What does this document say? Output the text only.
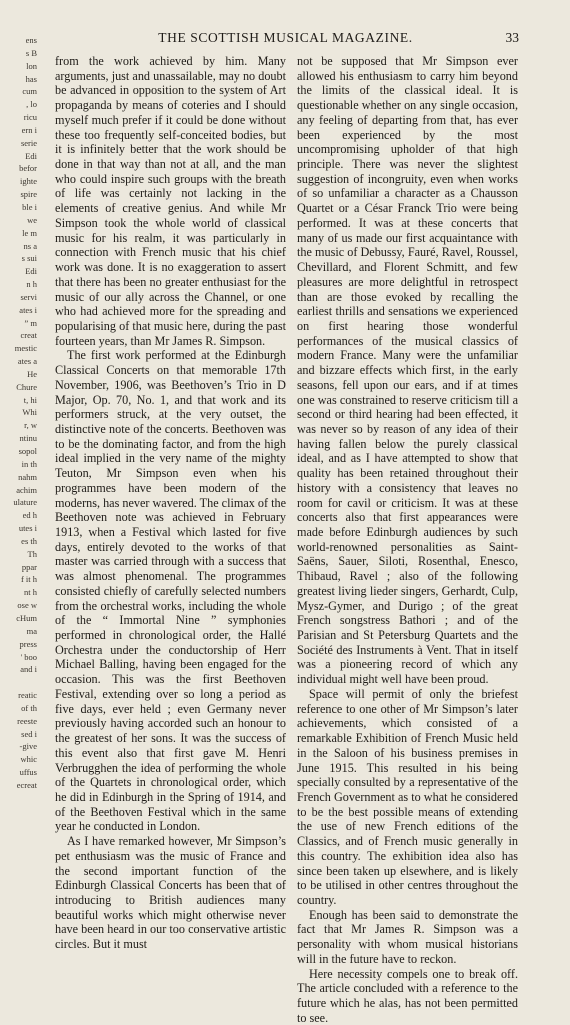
ens
s B
lon
has
cum
, lo
ricu
ern i
serie
Edi
befor
ighte
spire
ble i
we
le m
ns a
s sui
Edi
n h
servi
ates i
” m
creat
mestic
ates a
He
Chure
t, hi
Whi
r, w
ntinu
sopol
in th
nahm
achim
ulature
ed h
utes i
es th
Th
ppar
f it h
nt h
ose w
cHum
ma
press
' boo
and i
reatic
of th
reeste
sed i
-give
whic
uffus
ecreat
THE SCOTTISH MUSICAL MAGAZINE.	33

from the work achieved by him. Many arguments, just and unassailable, may no doubt be advanced in opposition to the system of Art propaganda by means of coteries and I should myself much prefer if it could be done without these too frequently self-conceited bodies, but it is infinitely better that the work should be done in that way than not at all, and the man who could inspire such groups with the breath of life was certainly not lacking in the elements of creative genius. And while Mr Simpson took the whole world of classical music for his realm, it was particularly in connection with French music that his chief work was done. It is no exaggeration to assert that there has been no greater enthusiast for the music of our ally across the Channel, or one who had achieved more for the spreading and popularising of that music here, during the past fourteen years, than Mr James R. Simpson.

The first work performed at the Edinburgh Classical Concerts on that memorable 17th November, 1906, was Beethoven’s Trio in D Major, Op. 70, No. 1, and that work and its performers struck, at the very outset, the distinctive note of the concerts. Beethoven was to be the dominating factor, and from the high ideal implied in the very name of the mighty Teuton, Mr Simpson even when his programmes have been modern of the moderns, has never wavered. The climax of the Beethoven note was achieved in February 1913, when a Festival which lasted for five days, entirely devoted to the works of that master was carried through with a success that was almost phenomenal. The programmes consisted chiefly of carefully selected numbers from the orchestral works, including the whole of the “ Immortal Nine ” symphonies performed in chronological order, the Hallé Orchestra under the conductorship of Herr Michael Balling, having been engaged for the occasion. This was the first Beethoven Festival, extending over so long a period as five days, ever held ; even Germany never previously having accorded such an honour to the greatest of her sons. It was the success of this event also that first gave M. Henri Verbrugghen the idea of performing the whole of the Quartets in chronological order, which he did in Edinburgh in the Spring of 1914, and of the Beethoven Festival which in the same year he conducted in London.

As I have remarked however, Mr Simpson’s pet enthusiasm was the music of France and the second important function of the Edinburgh Classical Concerts has been that of introducing to British audiences many beautiful works which might otherwise never have been heard in our too conservative artistic circles. But it must

not be supposed that Mr Simpson ever allowed his enthusiasm to carry him beyond the limits of the classical ideal. It is questionable whether on any single occasion, any feeling of departing from that, has ever been experienced by the most uncompromising upholder of that high principle. There was never the slightest suggestion of incongruity, even when works of so unfamiliar a character as a Chausson Quartet or a César Franck Trio were being performed. It was at these concerts that many of us made our first acquaintance with the music of Debussy, Fauré, Ravel, Roussel, Chevillard, and Florent Schmitt, and few pleasures are more delightful in retrospect than are those evoked by recalling the earliest thrills and sensations we experienced on first hearing those wonderful performances of the musical classics of modern France. Many were the unfamiliar and bizzare effects which first, in the early seasons, fell upon our ears, and if at times one was constrained to reserve criticism till a second or third hearing had been effected, it was never so by reason of any idea of their having fallen below the purely classical ideal, and as I have attempted to show that quality has been retained throughout their history with a consistency that leaves no room for cavil or criticism. It was at these concerts also that first appearances were made before Edinburgh audiences by such world-renowned personalities as Saint-Saëns, Sauer, Siloti, Rosenthal, Enesco, Thibaud, Ravel ; also of the following greatest living lieder singers, Gerhardt, Culp, Mysz-Gymer, and Durigo ; of the great French songstress Bathori ; and of the Parisian and St Petersburg Quartets and the Société des Instruments à Vent. That in itself was a pioneering record of which any individual might well have been proud.

Space will permit of only the briefest reference to one other of Mr Simpson’s later achievements, which consisted of a remarkable Exhibition of French Music held in the Saloon of his business premises in June 1915. This resulted in his being specially consulted by a representative of the French Government as to what he considered to be the best possible means of extending the use of new French editions of the Classics, and of French music generally in this country. The exhibition idea also has since been taken up elsewhere, and is likely to be utilised in other centres throughout the country.

Enough has been said to demonstrate the fact that Mr James R. Simpson was a personality with whom musical historians will in the future have to reckon.

Here necessity compels one to break off. The article concluded with a reference to the future which he alas, has not been permitted to see.
